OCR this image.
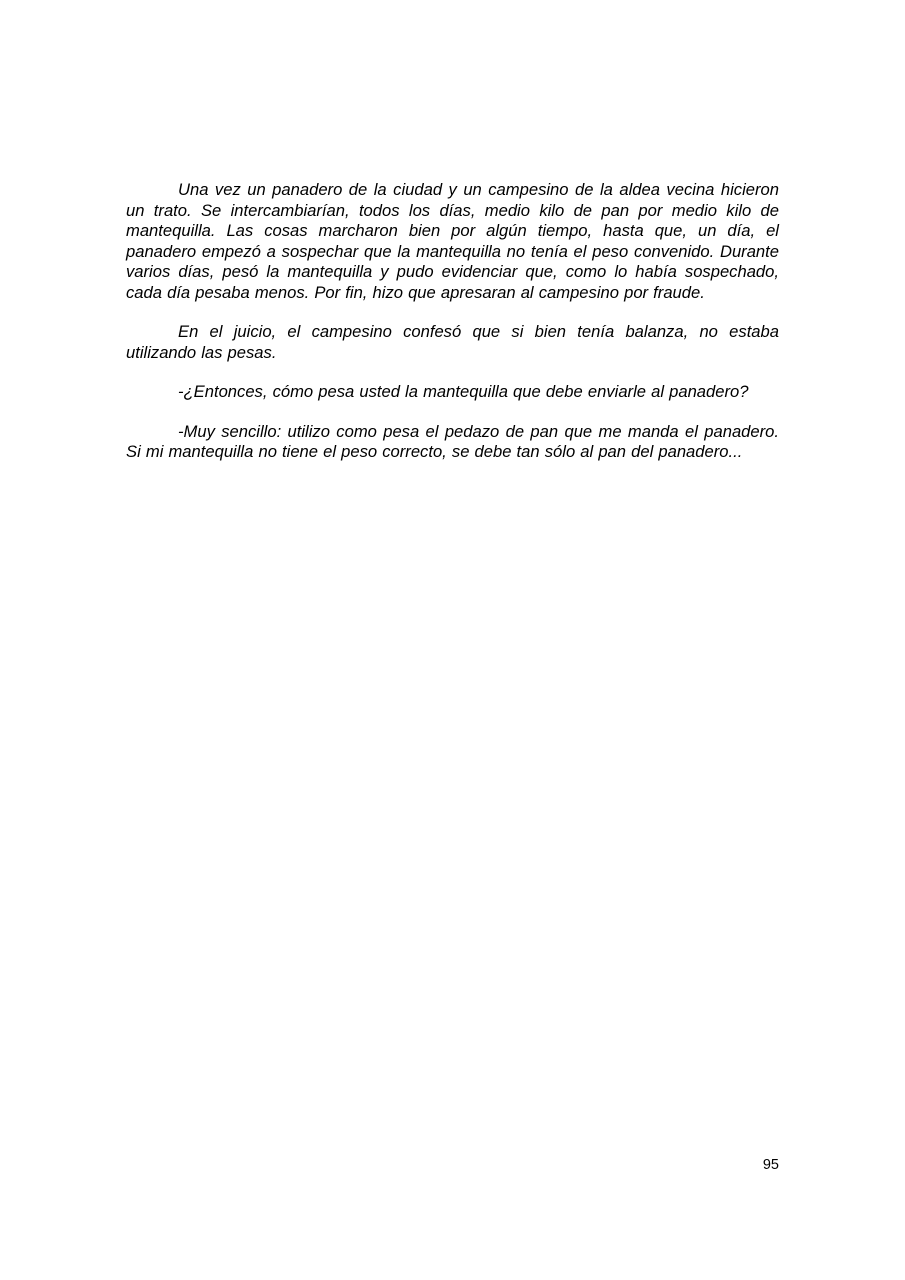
Una vez un panadero de la ciudad y un campesino de la aldea vecina hicieron un trato. Se intercambiarían, todos los días, medio kilo de pan por medio kilo de mantequilla. Las cosas marcharon bien por algún tiempo, hasta que, un día, el panadero empezó a sospechar que la mantequilla no tenía el peso convenido. Durante varios días, pesó la mantequilla y pudo evidenciar que, como lo había sospechado, cada día pesaba menos. Por fin, hizo que apresaran al campesino por fraude.

En el juicio, el campesino confesó que si bien tenía balanza, no estaba utilizando las pesas.

-¿Entonces, cómo pesa usted la mantequilla que debe enviarle al panadero?

-Muy sencillo: utilizo como pesa el pedazo de pan que me manda el panadero. Si mi mantequilla no tiene el peso correcto, se debe tan sólo al pan del panadero...

95
